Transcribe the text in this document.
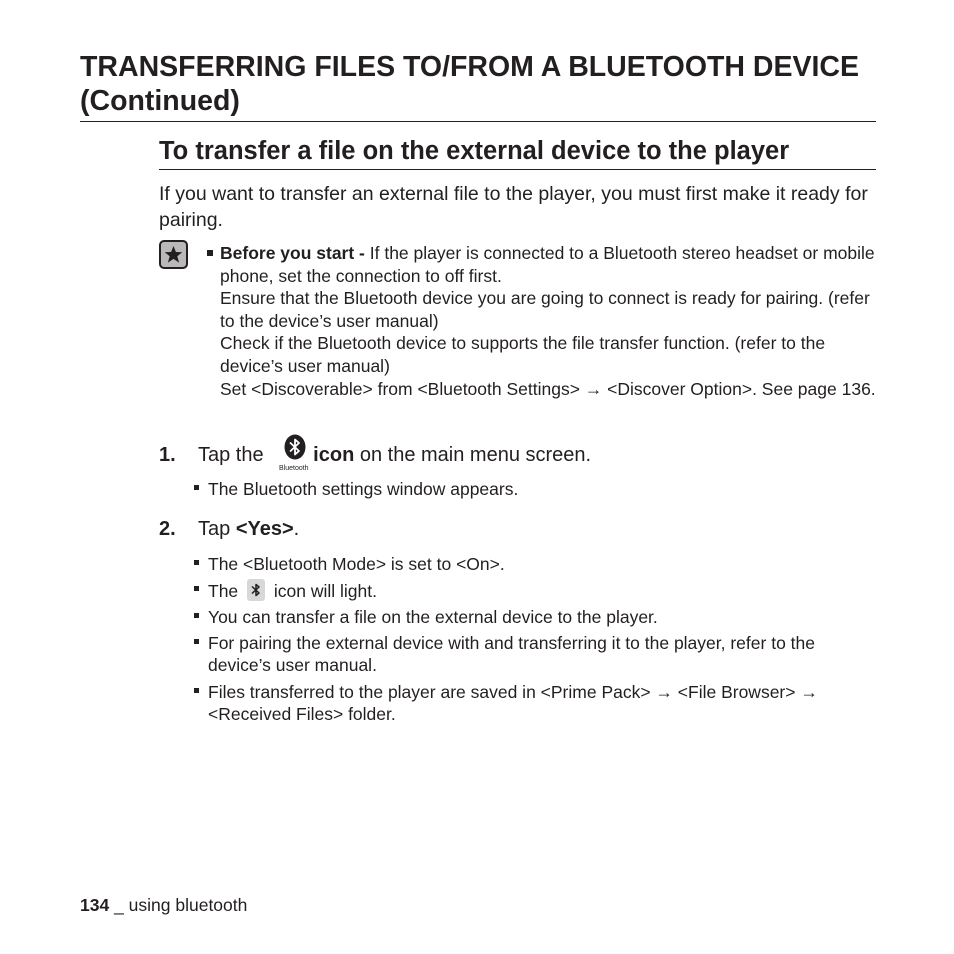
TRANSFERRING FILES TO/FROM A BLUETOOTH DEVICE (Continued)
To transfer a file on the external device to the player

If you want to transfer an external file to the player, you must first make it ready for pairing.

Before you start - If the player is connected to a Bluetooth stereo headset or mobile phone, set the connection to off first.

Ensure that the Bluetooth device you are going to connect is ready for pairing. (refer to the device’s user manual)

Check if the Bluetooth device to supports the file transfer function. (refer to the device’s user manual)

Set <Discoverable> from <Bluetooth Settings> → <Discover Option>. See page 136.

1. Tap the icon on the main menu screen.
Bluetooth
The Bluetooth settings window appears.
2. Tap <Yes>.
The <Bluetooth Mode> is set to <On>.
The
icon will light.
You can transfer a file on the external device to the player.
For pairing the external device with and transferring it to the player, refer to the device’s user manual.
Files transferred to the player are saved in <Prime Pack> → <File Browser> → <Received Files> folder.
134 _ using bluetooth
